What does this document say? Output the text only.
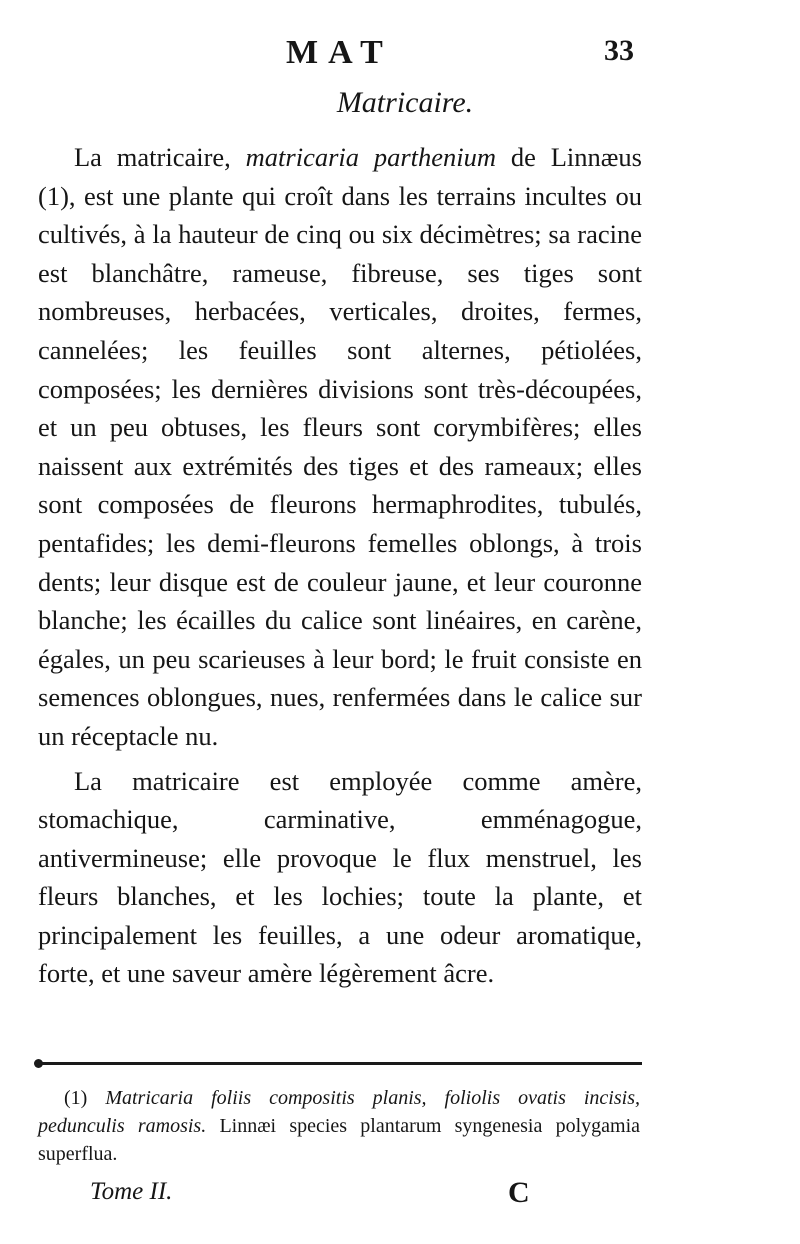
MAT	33
Matricaire.

La matricaire, matricaria parthenium de Linnæus (1), est une plante qui croît dans les terrains incultes ou cultivés, à la hauteur de cinq ou six décimètres; sa racine est blanchâtre, rameuse, fibreuse, ses tiges sont nombreuses, herbacées, verticales, droites, fermes, cannelées; les feuilles sont alternes, pétiolées, composées; les dernières divisions sont très-découpées, et un peu obtuses, les fleurs sont corymbifères; elles naissent aux extrémités des tiges et des rameaux; elles sont composées de fleurons hermaphrodites, tubulés, pentafides; les demi-fleurons femelles oblongs, à trois dents; leur disque est de couleur jaune, et leur couronne blanche; les écailles du calice sont linéaires, en carène, égales, un peu scarieuses à leur bord; le fruit consiste en semences oblongues, nues, renfermées dans le calice sur un réceptacle nu.

La matricaire est employée comme amère, stomachique, carminative, emménagogue, antivermineuse; elle provoque le flux menstruel, les fleurs blanches, et les lochies; toute la plante, et principalement les feuilles, a une odeur aromatique, forte, et une saveur amère légèrement âcre.

(1) Matricaria foliis compositis planis, foliolis ovatis incisis, pedunculis ramosis. Linnæi species plantarum syngenesia polygamia superflua.
Tome II.	C
